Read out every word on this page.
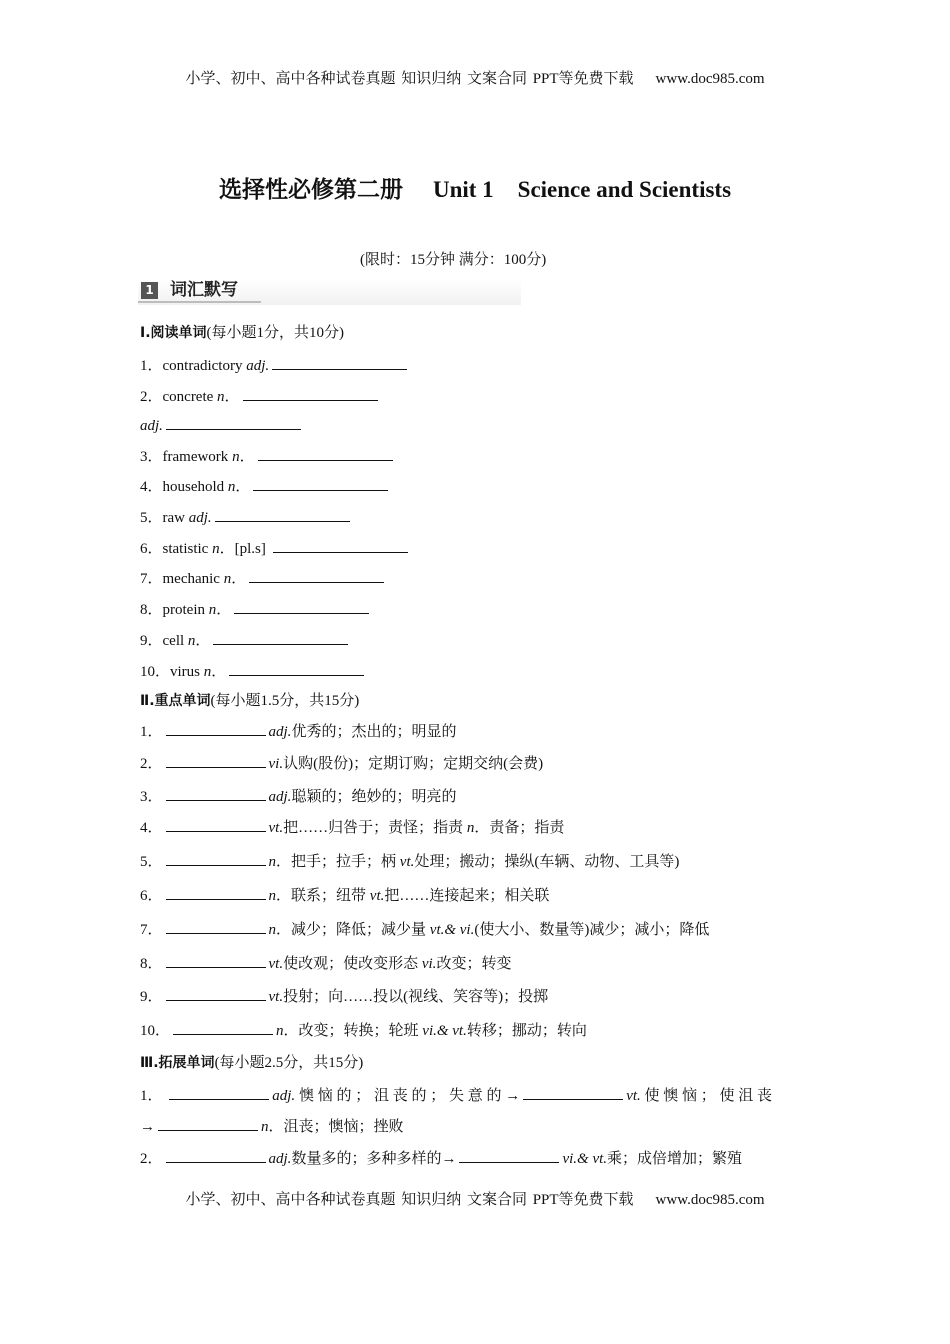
小学、初中、高中各种试卷真题 知识归纳 文案合同 PPT等免费下载 www.doc985.com
选择性必修第二册 Unit 1 Science and Scientists
(限时：15分钟 满分：100分)
1 词汇默写
Ⅰ.阅读单词(每小题1分，共10分)
1．contradictory adj.
2．concrete n．
adj.
3．framework n．
4．household n．
5．raw adj.
6．statistic n．[pl.s]
7．mechanic n．
8．protein n．
9．cell n．
10．virus n．
Ⅱ.重点单词(每小题1.5分，共15分)
1．	adj.优秀的；杰出的；明显的
2．	vi.认购(股份)；定期订购；定期交纳(会费)
3．	adj.聪颖的；绝妙的；明亮的
4．	vt.把……归咎于；责怪；指责 n．责备；指责
5．	n．把手；拉手；柄 vt.处理；搬动；操纵(车辆、动物、工具等)
6．	n．联系；纽带 vt.把……连接起来；相关联
7．	n．减少；降低；减少量 vt.& vi.(使大小、数量等)减少；减小；降低
8．	vt.使改观；使改变形态 vi.改变；转变
9．	vt.投射；向……投以(视线、笑容等)；投掷
10．	n．改变；转换；轮班 vi.& vt.转移；挪动；转向
Ⅲ.拓展单词(每小题2.5分，共15分)
1．	adj. 懊 恼 的 ； 沮 丧 的 ； 失 意 的 →	vt. 使 懊 恼 ； 使 沮 丧
→	n．沮丧；懊恼；挫败
2．	adj.数量多的；多种多样的→	vi.& vt.乘；成倍增加；繁殖
小学、初中、高中各种试卷真题 知识归纳 文案合同 PPT等免费下载 www.doc985.com
